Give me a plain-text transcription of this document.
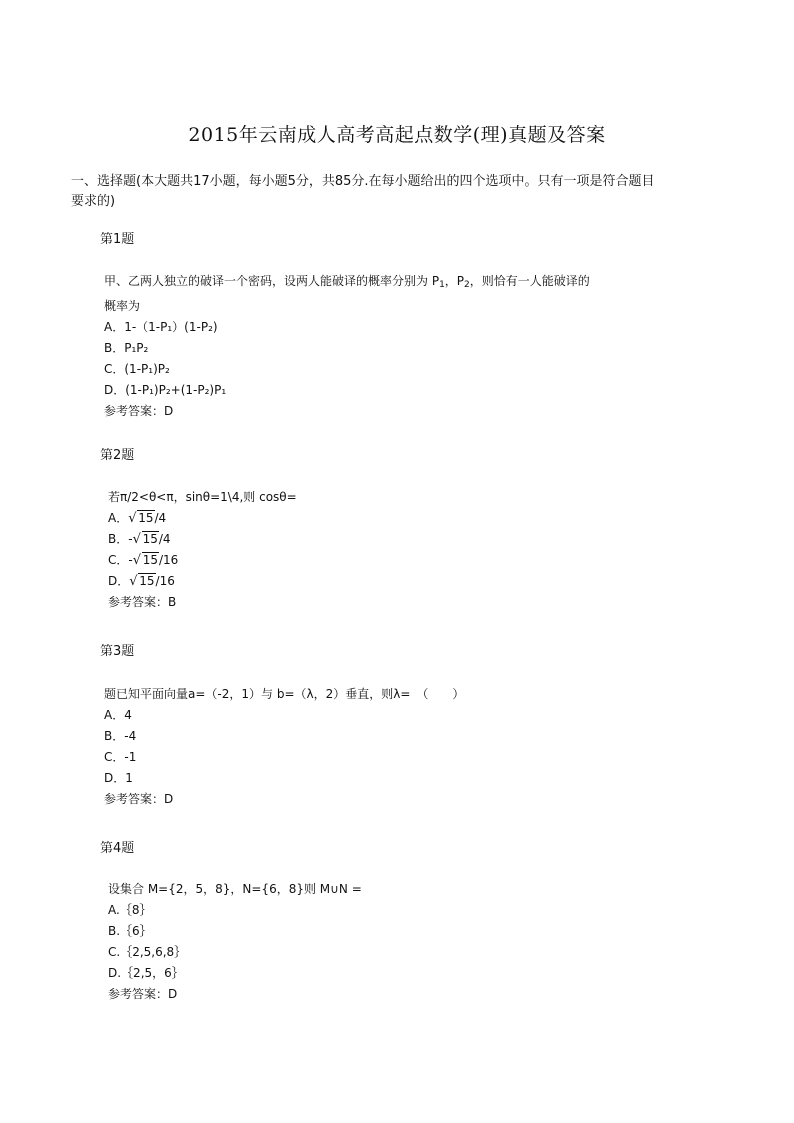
2015年云南成人高考高起点数学(理)真题及答案
一、选择题(本大题共17小题，每小题5分，共85分.在每小题给出的四个选项中。只有一项是符合题目
要求的)
第1题
甲、乙两人独立的破译一个密码，设两人能破译的概率分别为 $P_1$，$P_2$，则恰有一人能破译的
概率为
A．1-（1-P₁）(1-P₂)
B．P₁P₂
C．(1-P₁)P₂
D．(1-P₁)P₂+(1-P₂)P₁
参考答案：D
第2题
若π/2<θ<π，sinθ=1\4,则 cosθ=
A． √ 15/4
B．- √ 15/4
C．- √ 15/16
D． √ 15/16
参考答案：B
第3题
题已知平面向量a=（-2，1）与 b=（λ，2）垂直，则λ=　（　　）
A．4
B．-4
C．-1
D．1
参考答案：D
第4题
设集合 M={2，5，8}，N={6，8}则 M∪N =
A.｛8｝
B.｛6｝
C.｛2,5,6,8｝
D.｛2,5，6｝
参考答案：D
